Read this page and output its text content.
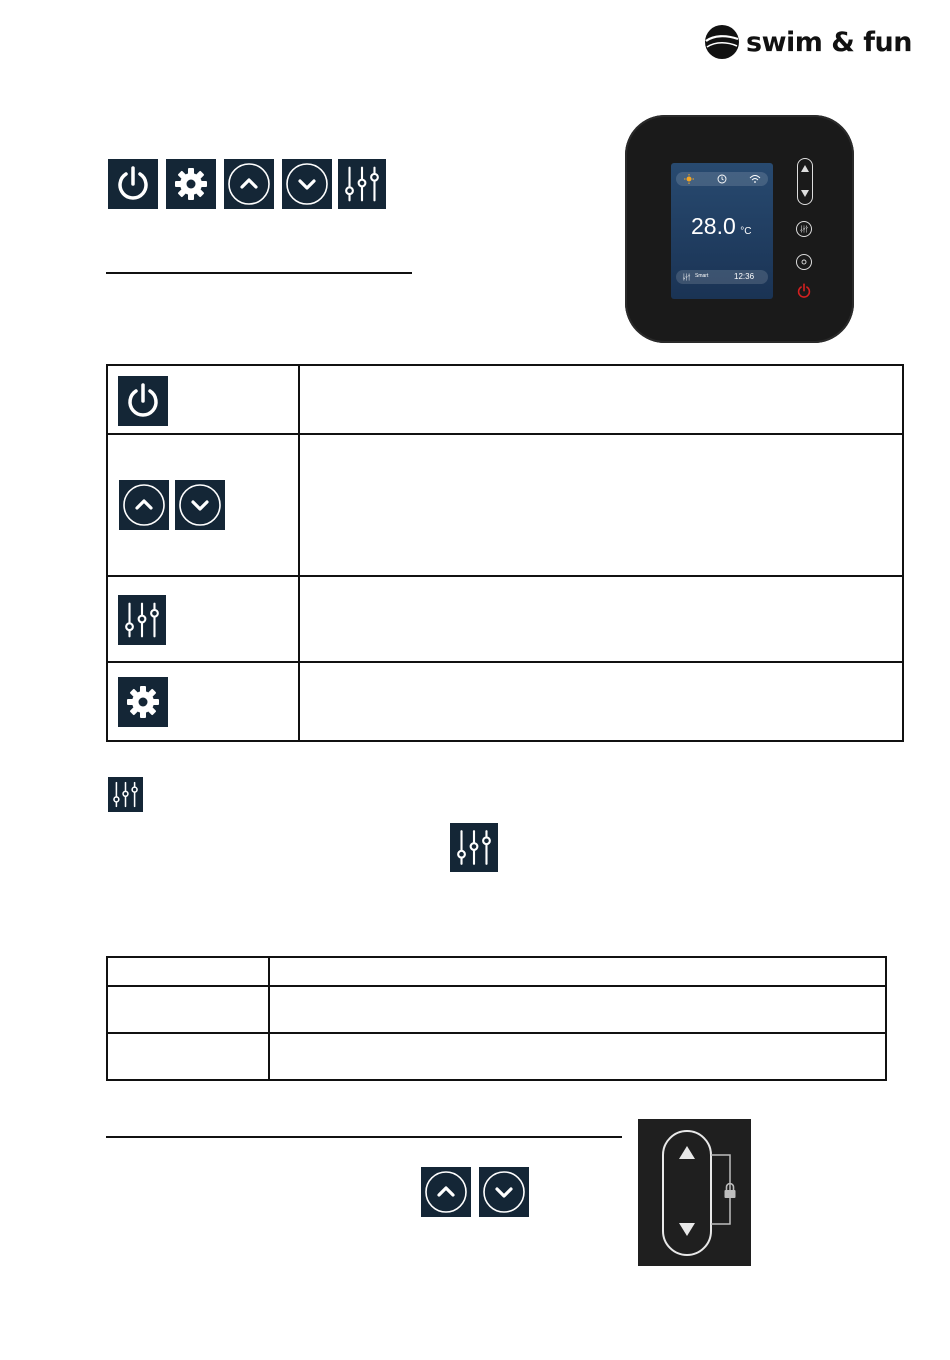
swim & fun
28.0 °C
Smart	12:36
